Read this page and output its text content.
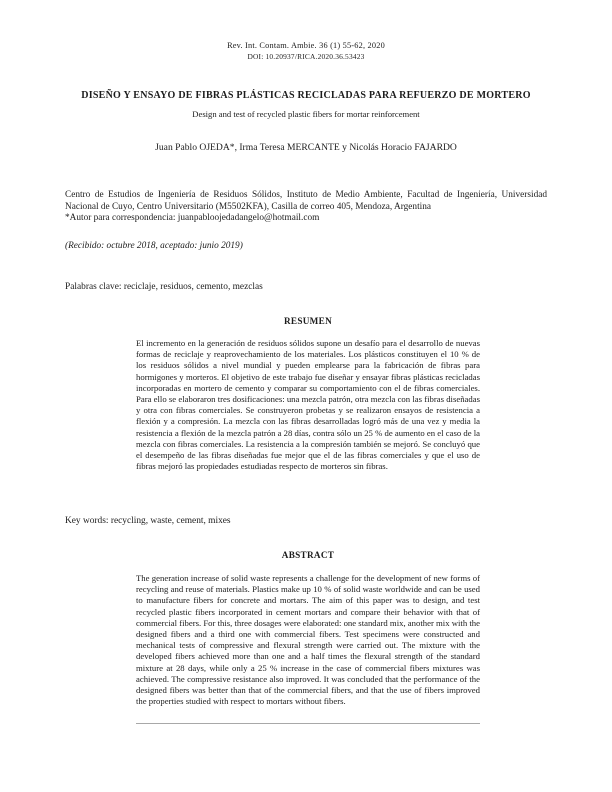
Rev. Int. Contam. Ambie. 36 (1) 55-62, 2020
DOI: 10.20937/RICA.2020.36.53423
DISEÑO Y ENSAYO DE FIBRAS PLÁSTICAS RECICLADAS PARA REFUERZO DE MORTERO
Design and test of recycled plastic fibers for mortar reinforcement
Juan Pablo OJEDA*, Irma Teresa MERCANTE y Nicolás Horacio FAJARDO
Centro de Estudios de Ingeniería de Residuos Sólidos, Instituto de Medio Ambiente, Facultad de Ingeniería, Universidad Nacional de Cuyo, Centro Universitario (M5502KFA), Casilla de correo 405, Mendoza, Argentina
*Autor para correspondencia: juanpabloojedadangelo@hotmail.com
(Recibido: octubre 2018, aceptado: junio 2019)
Palabras clave: reciclaje, residuos, cemento, mezclas
RESUMEN
El incremento en la generación de residuos sólidos supone un desafío para el desarrollo de nuevas formas de reciclaje y reaprovechamiento de los materiales. Los plásticos constituyen el 10 % de los residuos sólidos a nivel mundial y pueden emplearse para la fabricación de fibras para hormigones y morteros. El objetivo de este trabajo fue diseñar y ensayar fibras plásticas recicladas incorporadas en mortero de cemento y comparar su comportamiento con el de fibras comerciales. Para ello se elaboraron tres dosificaciones: una mezcla patrón, otra mezcla con las fibras diseñadas y otra con fibras comerciales. Se construyeron probetas y se realizaron ensayos de resistencia a flexión y a compresión. La mezcla con las fibras desarrolladas logró más de una vez y media la resistencia a flexión de la mezcla patrón a 28 días, contra sólo un 25 % de aumento en el caso de la mezcla con fibras comerciales. La resistencia a la compresión también se mejoró. Se concluyó que el desempeño de las fibras diseñadas fue mejor que el de las fibras comerciales y que el uso de fibras mejoró las propiedades estudiadas respecto de morteros sin fibras.
Key words: recycling, waste, cement, mixes
ABSTRACT
The generation increase of solid waste represents a challenge for the development of new forms of recycling and reuse of materials. Plastics make up 10 % of solid waste worldwide and can be used to manufacture fibers for concrete and mortars. The aim of this paper was to design, and test recycled plastic fibers incorporated in cement mortars and compare their behavior with that of commercial fibers. For this, three dosages were elaborated: one standard mix, another mix with the designed fibers and a third one with commercial fibers. Test specimens were constructed and mechanical tests of compressive and flexural strength were carried out. The mixture with the developed fibers achieved more than one and a half times the flexural strength of the standard mixture at 28 days, while only a 25 % increase in the case of commercial fibers mixtures was achieved. The compressive resistance also improved. It was concluded that the performance of the designed fibers was better than that of the commercial fibers, and that the use of fibers improved the properties studied with respect to mortars without fibers.
